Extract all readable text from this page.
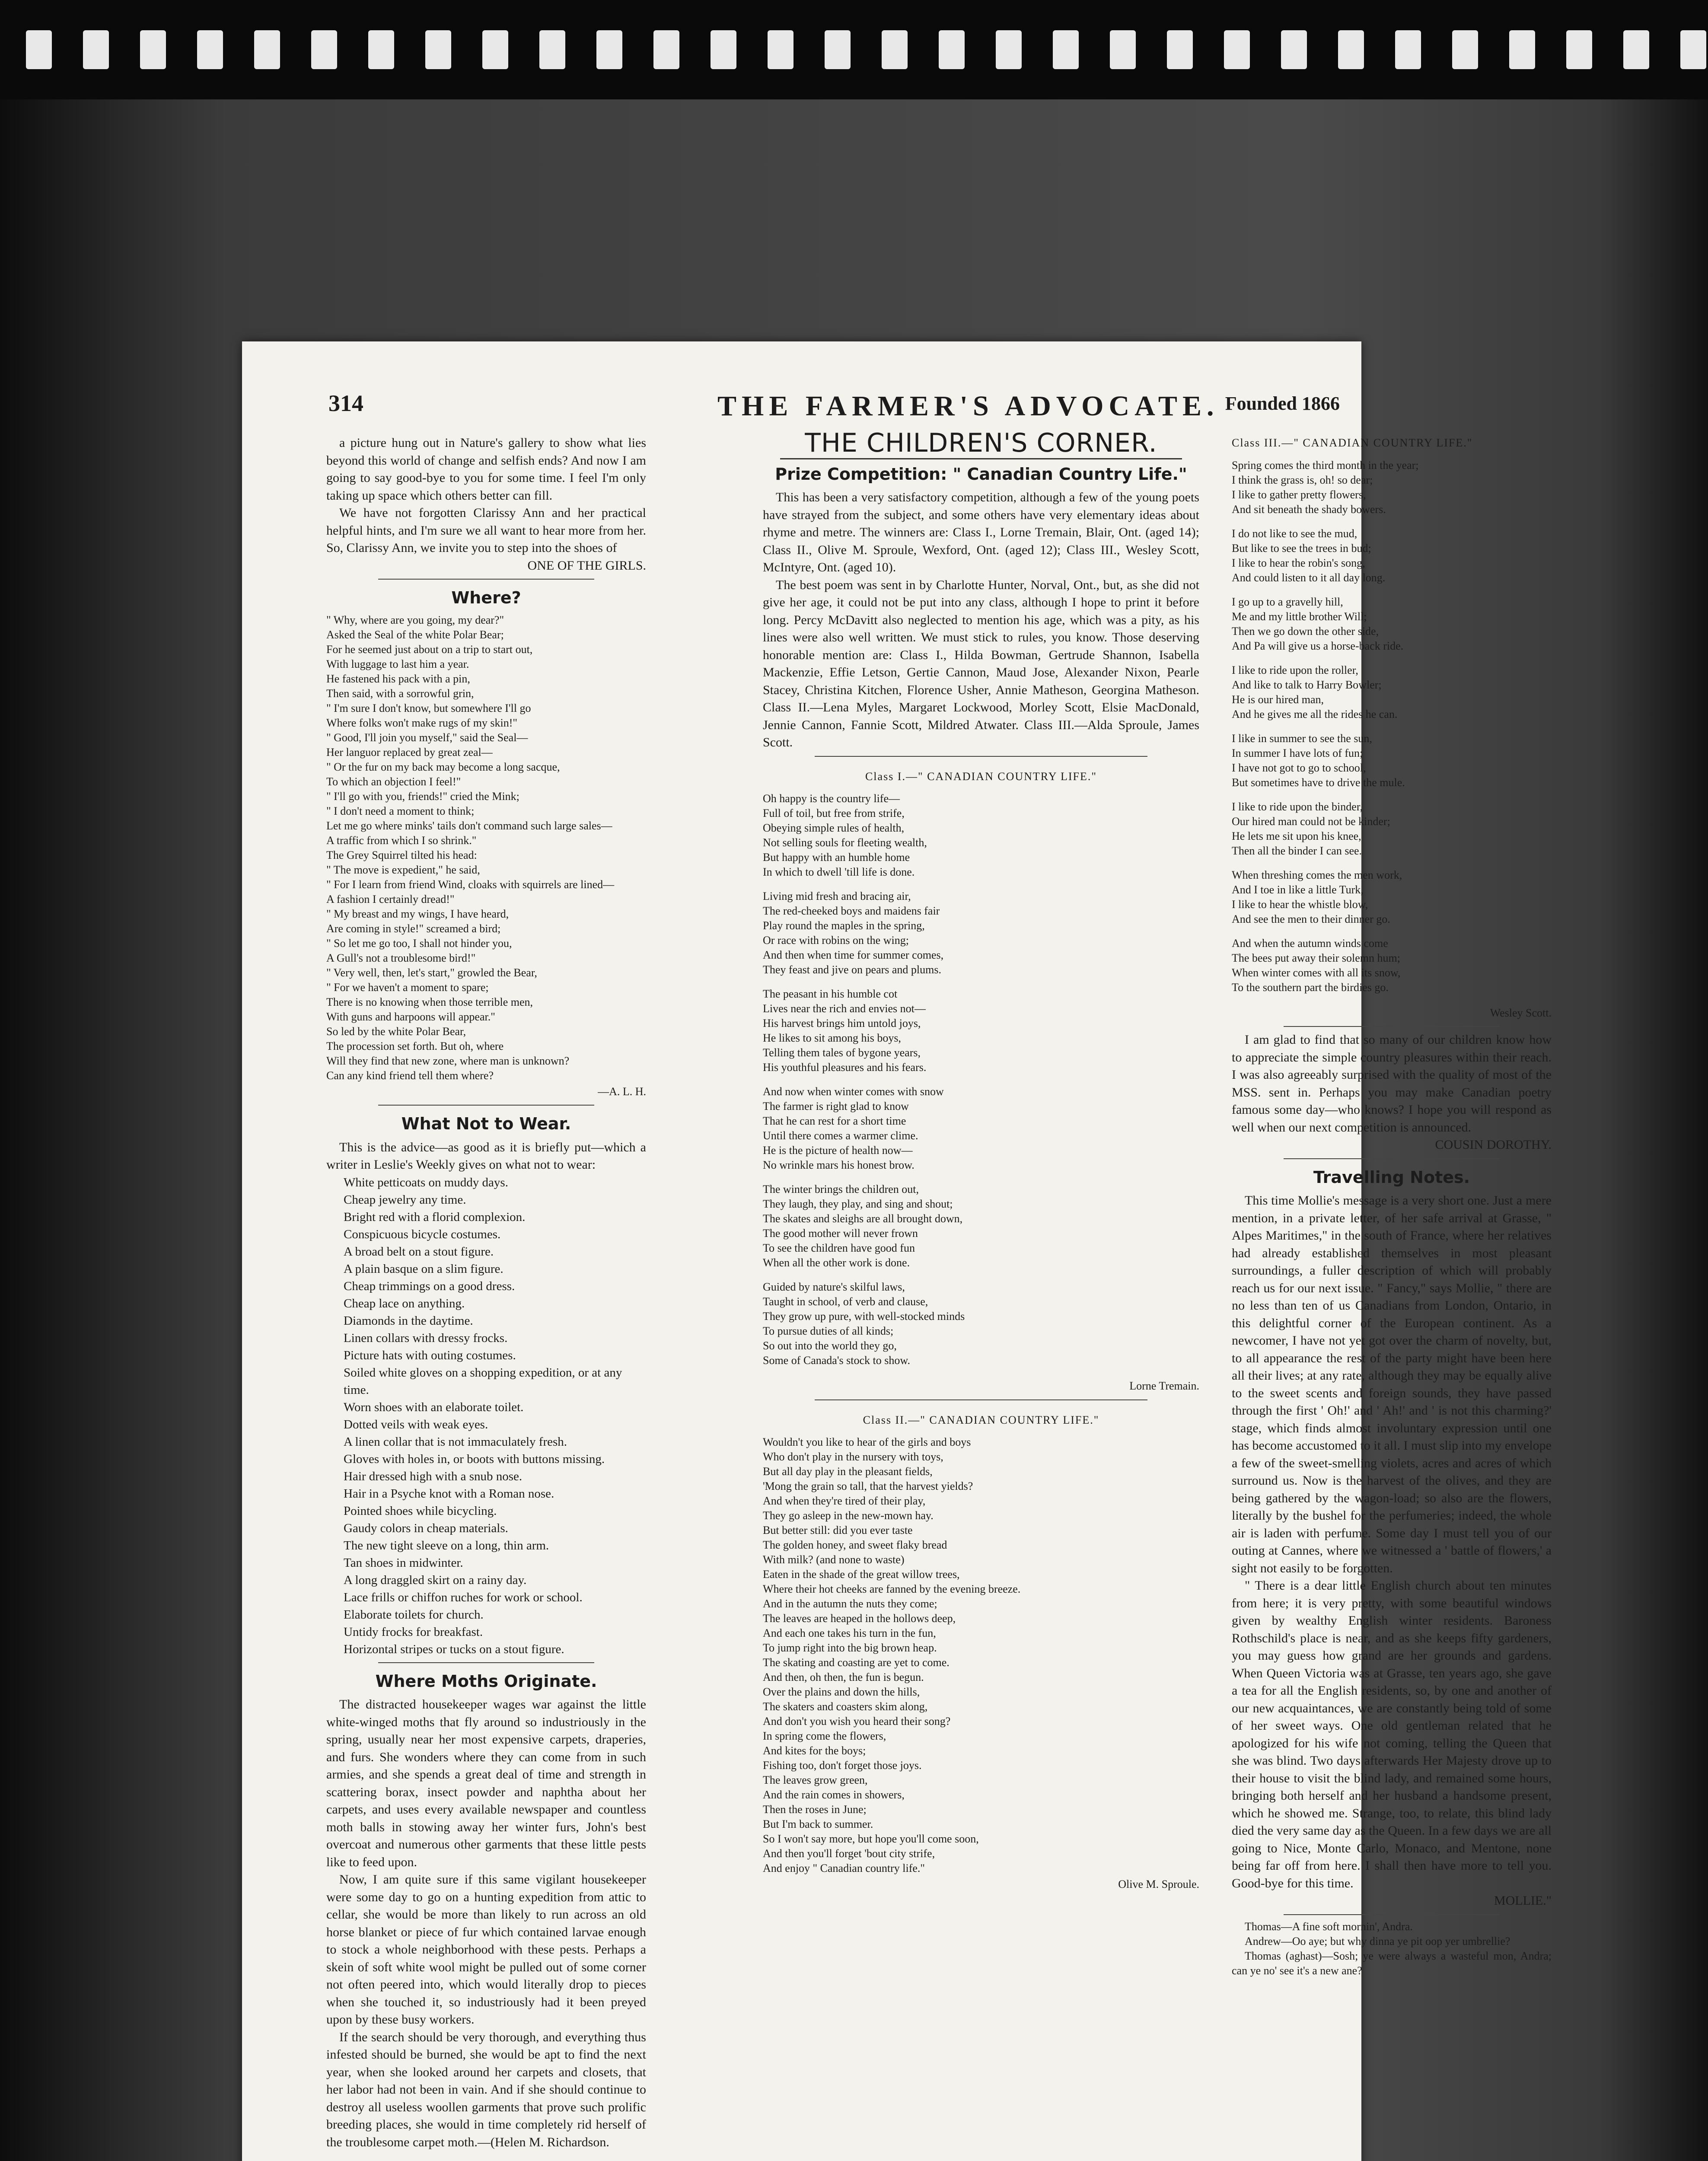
314	THE FARMER'S ADVOCATE. Founded 1866

a picture hung out in Nature's gallery to show what lies beyond this world of change and selfish ends? And now I am going to say good-bye to you for some time. I feel I'm only taking up space which others better can fill.

We have not forgotten Clarissy Ann and her practical helpful hints, and I'm sure we all want to hear more from her. So, Clarissy Ann, we invite you to step into the shoes of

ONE OF THE GIRLS.

Where?
" Why, where are you going, my dear?"
Asked the Seal of the white Polar Bear;
For he seemed just about on a trip to start out,
With luggage to last him a year.
He fastened his pack with a pin,
Then said, with a sorrowful grin,
" I'm sure I don't know, but somewhere I'll go
Where folks won't make rugs of my skin!"
" Good, I'll join you myself," said the Seal—
Her languor replaced by great zeal—
" Or the fur on my back may become a long sacque,
To which an objection I feel!"
" I'll go with you, friends!" cried the Mink;
" I don't need a moment to think;
Let me go where minks' tails don't command such large sales—
A traffic from which I so shrink."
The Grey Squirrel tilted his head:
" The move is expedient," he said,
" For I learn from friend Wind, cloaks with squirrels are lined—
A fashion I certainly dread!"
" My breast and my wings, I have heard,
Are coming in style!" screamed a bird;
" So let me go too, I shall not hinder you,
A Gull's not a troublesome bird!"
" Very well, then, let's start," growled the Bear,
" For we haven't a moment to spare;
There is no knowing when those terrible men,
With guns and harpoons will appear."
So led by the white Polar Bear,
The procession set forth. But oh, where
Will they find that new zone, where man is unknown?
Can any kind friend tell them where?

—A. L. H.

What Not to Wear.

This is the advice—as good as it is briefly put—which a writer in Leslie's Weekly gives on what not to wear:

White petticoats on muddy days.
Cheap jewelry any time.
Bright red with a florid complexion.
Conspicuous bicycle costumes.
A broad belt on a stout figure.
A plain basque on a slim figure.
Cheap trimmings on a good dress.
Cheap lace on anything.
Diamonds in the daytime.
Linen collars with dressy frocks.
Picture hats with outing costumes.
Soiled white gloves on a shopping expedition, or at any time.
Worn shoes with an elaborate toilet.
Dotted veils with weak eyes.
A linen collar that is not immaculately fresh.
Gloves with holes in, or boots with buttons missing.
Hair dressed high with a snub nose.
Hair in a Psyche knot with a Roman nose.
Pointed shoes while bicycling.
Gaudy colors in cheap materials.
The new tight sleeve on a long, thin arm.
Tan shoes in midwinter.
A long draggled skirt on a rainy day.
Lace frills or chiffon ruches for work or school.
Elaborate toilets for church.
Untidy frocks for breakfast.
Horizontal stripes or tucks on a stout figure.
Where Moths Originate.

The distracted housekeeper wages war against the little white-winged moths that fly around so industriously in the spring, usually near her most expensive carpets, draperies, and furs. She wonders where they can come from in such armies, and she spends a great deal of time and strength in scattering borax, insect powder and naphtha about her carpets, and uses every available newspaper and countless moth balls in stowing away her winter furs, John's best overcoat and numerous other garments that these little pests like to feed upon.

Now, I am quite sure if this same vigilant housekeeper were some day to go on a hunting expedition from attic to cellar, she would be more than likely to run across an old horse blanket or piece of fur which contained larvae enough to stock a whole neighborhood with these pests. Perhaps a skein of soft white wool might be pulled out of some corner not often peered into, which would literally drop to pieces when she touched it, so industriously had it been preyed upon by these busy workers.

If the search should be very thorough, and everything thus infested should be burned, she would be apt to find the next year, when she looked around her carpets and closets, that her labor had not been in vain. And if she should continue to destroy all useless woollen garments that prove such prolific breeding places, she would in time completely rid herself of the troublesome carpet moth.—(Helen M. Richardson.

THE CHILDREN'S CORNER.
Prize Competition: " Canadian Country Life."

This has been a very satisfactory competition, although a few of the young poets have strayed from the subject, and some others have very elementary ideas about rhyme and metre. The winners are: Class I., Lorne Tremain, Blair, Ont. (aged 14); Class II., Olive M. Sproule, Wexford, Ont. (aged 12); Class III., Wesley Scott, McIntyre, Ont. (aged 10).

The best poem was sent in by Charlotte Hunter, Norval, Ont., but, as she did not give her age, it could not be put into any class, although I hope to print it before long. Percy McDavitt also neglected to mention his age, which was a pity, as his lines were also well written. We must stick to rules, you know. Those deserving honorable mention are: Class I., Hilda Bowman, Gertrude Shannon, Isabella Mackenzie, Effie Letson, Gertie Cannon, Maud Jose, Alexander Nixon, Pearle Stacey, Christina Kitchen, Florence Usher, Annie Matheson, Georgina Matheson. Class II.—Lena Myles, Margaret Lockwood, Morley Scott, Elsie MacDonald, Jennie Cannon, Fannie Scott, Mildred Atwater. Class III.—Alda Sproule, James Scott.

Class I.—" CANADIAN COUNTRY LIFE."
Oh happy is the country life—
Full of toil, but free from strife,
Obeying simple rules of health,
Not selling souls for fleeting wealth,
But happy with an humble home
In which to dwell 'till life is done.
Living mid fresh and bracing air,
The red-cheeked boys and maidens fair
Play round the maples in the spring,
Or race with robins on the wing;
And then when time for summer comes,
They feast and jive on pears and plums.
The peasant in his humble cot
Lives near the rich and envies not—
His harvest brings him untold joys,
He likes to sit among his boys,
Telling them tales of bygone years,
His youthful pleasures and his fears.
And now when winter comes with snow
The farmer is right glad to know
That he can rest for a short time
Until there comes a warmer clime.
He is the picture of health now—
No wrinkle mars his honest brow.
The winter brings the children out,
They laugh, they play, and sing and shout;
The skates and sleighs are all brought down,
The good mother will never frown
To see the children have good fun
When all the other work is done.
Guided by nature's skilful laws,
Taught in school, of verb and clause,
They grow up pure, with well-stocked minds
To pursue duties of all kinds;
So out into the world they go,
Some of Canada's stock to show.

Lorne Tremain.

Class II.—" CANADIAN COUNTRY LIFE."
Wouldn't you like to hear of the girls and boys
Who don't play in the nursery with toys,
But all day play in the pleasant fields,
'Mong the grain so tall, that the harvest yields?
And when they're tired of their play,
They go asleep in the new-mown hay.
But better still: did you ever taste
The golden honey, and sweet flaky bread
With milk? (and none to waste)
Eaten in the shade of the great willow trees,
Where their hot cheeks are fanned by the evening breeze.
And in the autumn the nuts they come;
The leaves are heaped in the hollows deep,
And each one takes his turn in the fun,
To jump right into the big brown heap.
The skating and coasting are yet to come.
And then, oh then, the fun is begun.
Over the plains and down the hills,
The skaters and coasters skim along,
And don't you wish you heard their song?
In spring come the flowers,
And kites for the boys;
Fishing too, don't forget those joys.
The leaves grow green,
And the rain comes in showers,
Then the roses in June;
But I'm back to summer.
So I won't say more, but hope you'll come soon,
And then you'll forget 'bout city strife,
And enjoy " Canadian country life."

Olive M. Sproule.

Class III.—" CANADIAN COUNTRY LIFE."
Spring comes the third month in the year;
I think the grass is, oh! so dear;
I like to gather pretty flowers,
And sit beneath the shady bowers.
I do not like to see the mud,
But like to see the trees in bud;
I like to hear the robin's song,
And could listen to it all day long.
I go up to a gravelly hill,
Me and my little brother Will;
Then we go down the other side,
And Pa will give us a horse-back ride.
I like to ride upon the roller,
And like to talk to Harry Bowler;
He is our hired man,
And he gives me all the rides he can.
I like in summer to see the sun,
In summer I have lots of fun;
I have not got to go to school,
But sometimes have to drive the mule.
I like to ride upon the binder,
Our hired man could not be kinder;
He lets me sit upon his knee,
Then all the binder I can see.
When threshing comes the men work,
And I toe in like a little Turk,
I like to hear the whistle blow,
And see the men to their dinner go.
And when the autumn winds come
The bees put away their solemn hum;
When winter comes with all its snow,
To the southern part the birdies go.

Wesley Scott.

I am glad to find that so many of our children know how to appreciate the simple country pleasures within their reach. I was also agreeably surprised with the quality of most of the MSS. sent in. Perhaps you may make Canadian poetry famous some day—who knows? I hope you will respond as well when our next competition is announced.

COUSIN DOROTHY.

Travelling Notes.

This time Mollie's message is a very short one. Just a mere mention, in a private letter, of her safe arrival at Grasse, " Alpes Maritimes," in the south of France, where her relatives had already established themselves in most pleasant surroundings, a fuller description of which will probably reach us for our next issue. " Fancy," says Mollie, " there are no less than ten of us Canadians from London, Ontario, in this delightful corner of the European continent. As a newcomer, I have not yet got over the charm of novelty, but, to all appearance the rest of the party might have been here all their lives; at any rate, although they may be equally alive to the sweet scents and foreign sounds, they have passed through the first ' Oh!' and ' Ah!' and ' is not this charming?' stage, which finds almost involuntary expression until one has become accustomed to it all. I must slip into my envelope a few of the sweet-smelling violets, acres and acres of which surround us. Now is the harvest of the olives, and they are being gathered by the wagon-load; so also are the flowers, literally by the bushel for the perfumeries; indeed, the whole air is laden with perfume. Some day I must tell you of our outing at Cannes, where we witnessed a ' battle of flowers,' a sight not easily to be forgotten.

" There is a dear little English church about ten minutes from here; it is very pretty, with some beautiful windows given by wealthy English winter residents. Baroness Rothschild's place is near, and as she keeps fifty gardeners, you may guess how grand are her grounds and gardens. When Queen Victoria was at Grasse, ten years ago, she gave a tea for all the English residents, so, by one and another of our new acquaintances, we are constantly being told of some of her sweet ways. One old gentleman related that he apologized for his wife not coming, telling the Queen that she was blind. Two days afterwards Her Majesty drove up to their house to visit the blind lady, and remained some hours, bringing both herself and her husband a handsome present, which he showed me. Strange, too, to relate, this blind lady died the very same day as the Queen. In a few days we are all going to Nice, Monte Carlo, Monaco, and Mentone, none being far off from here. I shall then have more to tell you. Good-bye for this time.

MOLLIE."

Thomas—A fine soft mornin', Andra.

Andrew—Oo aye; but why dinna ye pit oop yer umbrellie?

Thomas (aghast)—Sosh; ye were always a wasteful mon, Andra; can ye no' see it's a new ane?
